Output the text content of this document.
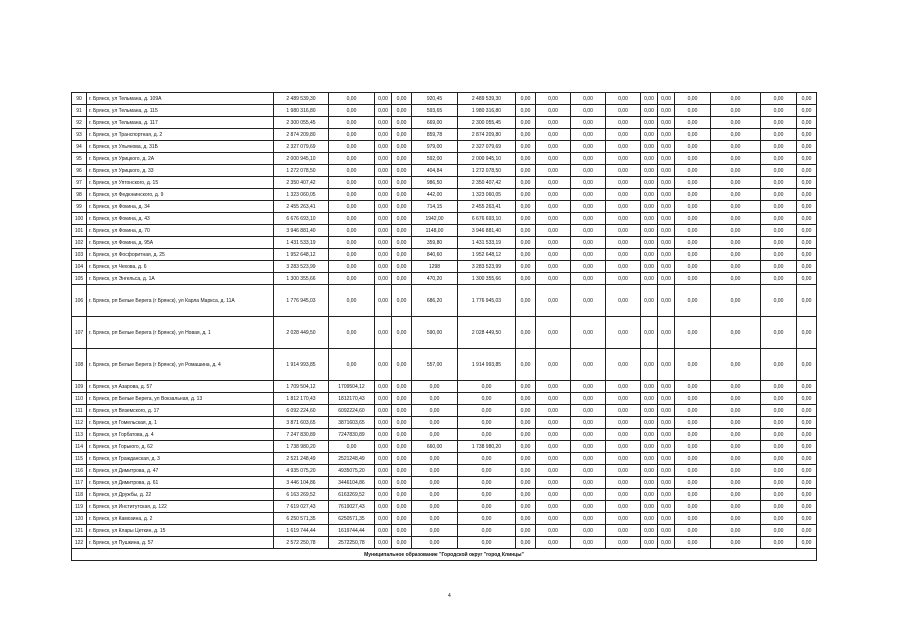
90	г. Брянск, ул Тельмана, д. 109А	2 489 539,30	0,00	0,00	0,00	920,45	2 489 539,30	0,00	0,00	0,00	0,00	0,00	0,00	0,00	0,00	0,00	0,00
91	г. Брянск, ул Тельмана, д. 115	1 980 316,80	0,00	0,00	0,00	593,65	1 980 316,80	0,00	0,00	0,00	0,00	0,00	0,00	0,00	0,00	0,00	0,00
92	г. Брянск, ул Тельмана, д. 117	2 300 055,45	0,00	0,00	0,00	669,00	2 300 055,45	0,00	0,00	0,00	0,00	0,00	0,00	0,00	0,00	0,00	0,00
93	г. Брянск, ул Транспортная, д. 2	2 874 209,80	0,00	0,00	0,00	859,78	2 874 209,80	0,00	0,00	0,00	0,00	0,00	0,00	0,00	0,00	0,00	0,00
94	г. Брянск, ул Ульянова, д. 31Б	2 327 079,69	0,00	0,00	0,00	979,00	2 327 079,69	0,00	0,00	0,00	0,00	0,00	0,00	0,00	0,00	0,00	0,00
95	г. Брянск, ул Урицкого, д. 2А	2 000 945,10	0,00	0,00	0,00	592,00	2 000 945,10	0,00	0,00	0,00	0,00	0,00	0,00	0,00	0,00	0,00	0,00
96	г. Брянск, ул Урицкого, д. 33	1 272 078,50	0,00	0,00	0,00	404,84	1 272 078,50	0,00	0,00	0,00	0,00	0,00	0,00	0,00	0,00	0,00	0,00
97	г. Брянск, ул Уптонского, д. 15	2 350 407,42	0,00	0,00	0,00	986,50	2 350 407,42	0,00	0,00	0,00	0,00	0,00	0,00	0,00	0,00	0,00	0,00
98	г. Брянск, ул Федюнинского, д. 9	1 323 060,05	0,00	0,00	0,00	442,00	1 323 060,05	0,00	0,00	0,00	0,00	0,00	0,00	0,00	0,00	0,00	0,00
99	г. Брянск, ул Фокина, д. 34	2 455 263,41	0,00	0,00	0,00	714,15	2 455 263,41	0,00	0,00	0,00	0,00	0,00	0,00	0,00	0,00	0,00	0,00
100	г. Брянск, ул Фокина, д. 43	6 676 693,10	0,00	0,00	0,00	1942,00	6 676 693,10	0,00	0,00	0,00	0,00	0,00	0,00	0,00	0,00	0,00	0,00
101	г. Брянск, ул Фокина, д. 70	3 946 881,40	0,00	0,00	0,00	1148,00	3 946 881,40	0,00	0,00	0,00	0,00	0,00	0,00	0,00	0,00	0,00	0,00
102	г. Брянск, ул Фокина, д. 95А	1 431 533,19	0,00	0,00	0,00	359,80	1 431 533,19	0,00	0,00	0,00	0,00	0,00	0,00	0,00	0,00	0,00	0,00
103	г. Брянск, ул Фосфоритная, д. 25	1 952 648,12	0,00	0,00	0,00	840,60	1 952 648,12	0,00	0,00	0,00	0,00	0,00	0,00	0,00	0,00	0,00	0,00
104	г. Брянск, ул Чехова, д. 6	3 283 523,99	0,00	0,00	0,00	1298	3 283 523,99	0,00	0,00	0,00	0,00	0,00	0,00	0,00	0,00	0,00	0,00
105	г. Брянск, ул Энгельса, д. 1А	1 300 355,66	0,00	0,00	0,00	470,20	1 300 355,66	0,00	0,00	0,00	0,00	0,00	0,00	0,00	0,00	0,00	0,00
106	г. Брянск, рп Белые Берега (г Брянск), ул Карла Маркса, д. 11А	1 776 945,03	0,00	0,00	0,00	686,20	1 776 945,03	0,00	0,00	0,00	0,00	0,00	0,00	0,00	0,00	0,00	0,00
107	г. Брянск, рп Белые Берега (г Брянск), ул Новая, д. 1	2 028 449,50	0,00	0,00	0,00	590,00	2 028 449,50	0,00	0,00	0,00	0,00	0,00	0,00	0,00	0,00	0,00	0,00
108	г. Брянск, рп Белые Берега (г Брянск), ул Ромашина, д. 4	1 914 993,85	0,00	0,00	0,00	557,00	1 914 993,85	0,00	0,00	0,00	0,00	0,00	0,00	0,00	0,00	0,00	0,00
109	г. Брянск, ул Азарова, д. 57	1 709 504,12	1709504,12	0,00	0,00	0,00	0,00	0,00	0,00	0,00	0,00	0,00	0,00	0,00	0,00	0,00	0,00
110	г. Брянск, рп Белые Берега, ул Вокзальная, д. 13	1 812 170,43	1812170,43	0,00	0,00	0,00	0,00	0,00	0,00	0,00	0,00	0,00	0,00	0,00	0,00	0,00	0,00
111	г. Брянск, ул Вяземского, д. 17	6 092 224,60	6092224,60	0,00	0,00	0,00	0,00	0,00	0,00	0,00	0,00	0,00	0,00	0,00	0,00	0,00	0,00
112	г. Брянск, ул Гомельская, д. 1	3 871 603,65	3871603,65	0,00	0,00	0,00	0,00	0,00	0,00	0,00	0,00	0,00	0,00	0,00	0,00	0,00	0,00
113	г. Брянск, ул Горбатова, д. 4	7 247 830,89	7247830,89	0,00	0,00	0,00	0,00	0,00	0,00	0,00	0,00	0,00	0,00	0,00	0,00	0,00	0,00
114	г. Брянск, ул Горького, д. 62	1 738 980,20	0,00	0,00	0,00	660,00	1 738 980,20	0,00	0,00	0,00	0,00	0,00	0,00	0,00	0,00	0,00	0,00
115	г. Брянск, ул Гражданская, д. 3	2 521 248,49	2521248,49	0,00	0,00	0,00	0,00	0,00	0,00	0,00	0,00	0,00	0,00	0,00	0,00	0,00	0,00
116	г. Брянск, ул Димитрова, д. 47	4 935 075,20	4935075,20	0,00	0,00	0,00	0,00	0,00	0,00	0,00	0,00	0,00	0,00	0,00	0,00	0,00	0,00
117	г. Брянск, ул Димитрова, д. 61	3 446 104,86	3446104,86	0,00	0,00	0,00	0,00	0,00	0,00	0,00	0,00	0,00	0,00	0,00	0,00	0,00	0,00
118	г. Брянск, ул Дружбы, д. 22	6 163 269,52	6163269,52	0,00	0,00	0,00	0,00	0,00	0,00	0,00	0,00	0,00	0,00	0,00	0,00	0,00	0,00
119	г. Брянск, ул Институтская, д. 122	7 619 027,43	7619027,43	0,00	0,00	0,00	0,00	0,00	0,00	0,00	0,00	0,00	0,00	0,00	0,00	0,00	0,00
120	г. Брянск, ул Камозина, д. 2	6 250 571,35	6250571,35	0,00	0,00	0,00	0,00	0,00	0,00	0,00	0,00	0,00	0,00	0,00	0,00	0,00	0,00
121	г. Брянск, ул Клары Цеткин, д. 15	1 619 744,44	1619744,44	0,00	0,00	0,00	0,00	0,00	0,00	0,00	0,00	0,00	0,00	0,00	0,00	0,00	0,00
122	г. Брянск, ул Пушкина, д. 57	2 572 250,78	2572250,78	0,00	0,00	0,00	0,00	0,00	0,00	0,00	0,00	0,00	0,00	0,00	0,00	0,00	0,00
Муниципальное образование "Городской округ "город Клинцы"																	
4
